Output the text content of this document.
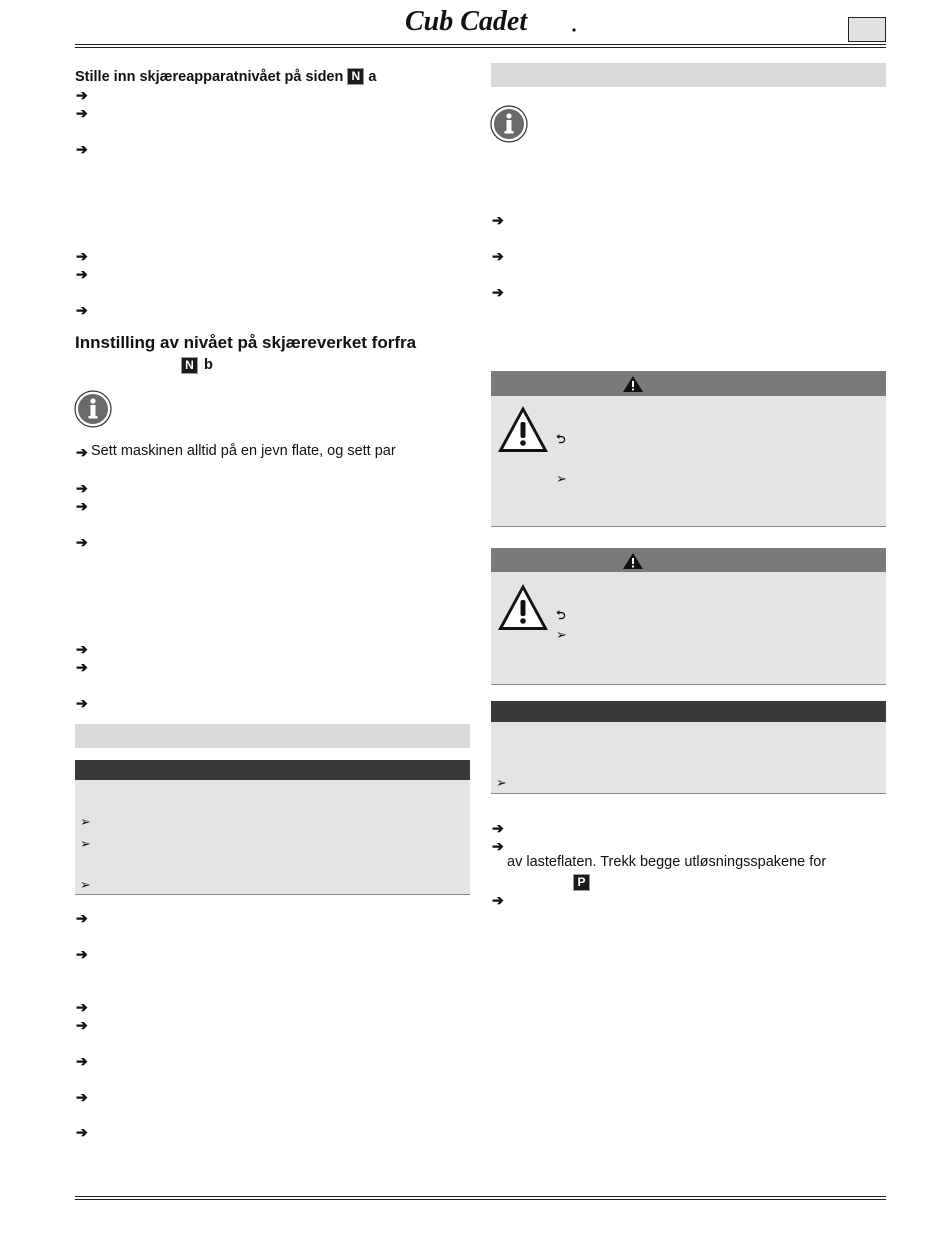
Cub Cadet
Stille inn skjæreapparatnivået på siden N a
➔
➔
➔
➔
➔
➔
Innstilling av nivået på skjæreverket forfra
N b
➔ Sett maskinen alltid på en jevn flate, og sett par
➔
➔
➔
➔
➔
➔
➢
➢
➢
➔
➔
➔
➔
➔
➔
➔
➔
➔
➔
⮌
➢
⮌
➢
➢
➔
➔
av lasteflaten. Trekk begge utløsningsspakene for
P
➔
